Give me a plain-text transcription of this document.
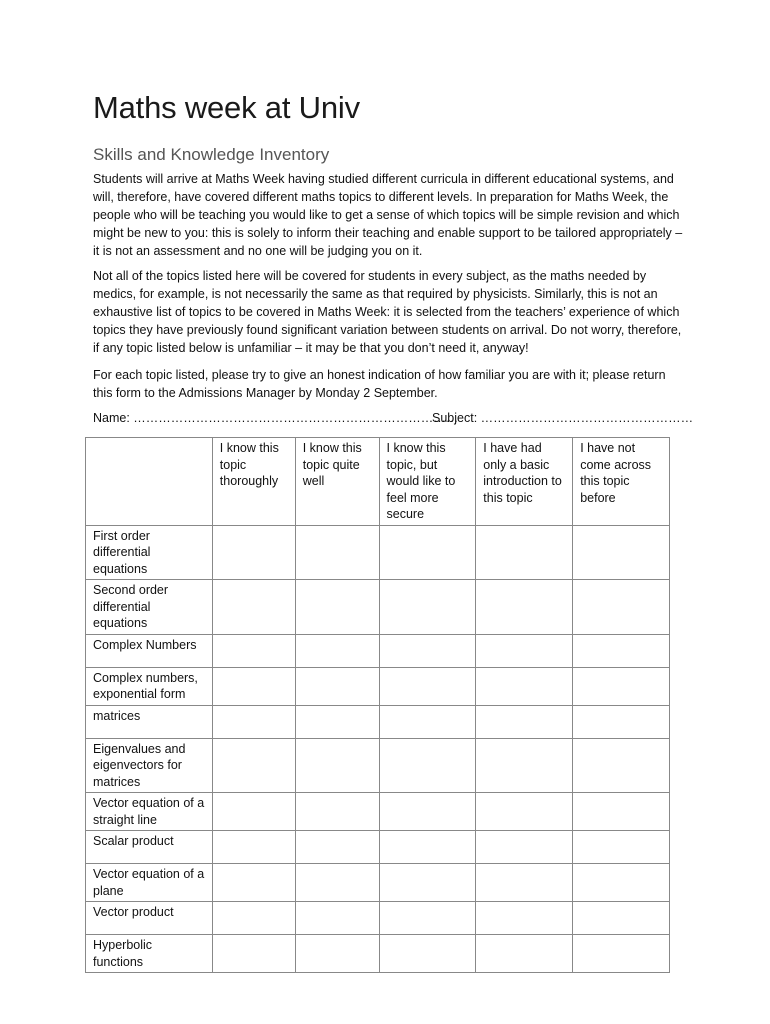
Maths week at Univ
Skills and Knowledge Inventory

Students will arrive at Maths Week having studied different curricula in different educational systems, and will, therefore, have covered different maths topics to different levels. In preparation for Maths Week, the people who will be teaching you would like to get a sense of which topics will be simple revision and which might be new to you: this is solely to inform their teaching and enable support to be tailored appropriately – it is not an assessment and no one will be judging you on it.

Not all of the topics listed here will be covered for students in every subject, as the maths needed by medics, for example, is not necessarily the same as that required by physicists. Similarly, this is not an exhaustive list of topics to be covered in Maths Week: it is selected from the teachers’ experience of which topics they have previously found significant variation between students on arrival. Do not worry, therefore, if any topic listed below is unfamiliar – it may be that you don’t need it, anyway!

For each topic listed, please try to give an honest indication of how familiar you are with it; please return this form to the Admissions Manager by Monday 2 September.

Name: ……………………………………………………………………
Subject: ……………………………………………
	I know this topic thoroughly	I know this topic quite well	I know this topic, but would like to feel more secure	I have had only a basic introduction to this topic	I have not come across this topic before
First order differential equations					
Second order differential equations					
Complex Numbers					
Complex numbers, exponential form					
matrices					
Eigenvalues and eigenvectors for matrices					
Vector equation of a straight line					
Scalar product					
Vector equation of a plane					
Vector product					
Hyperbolic functions					
